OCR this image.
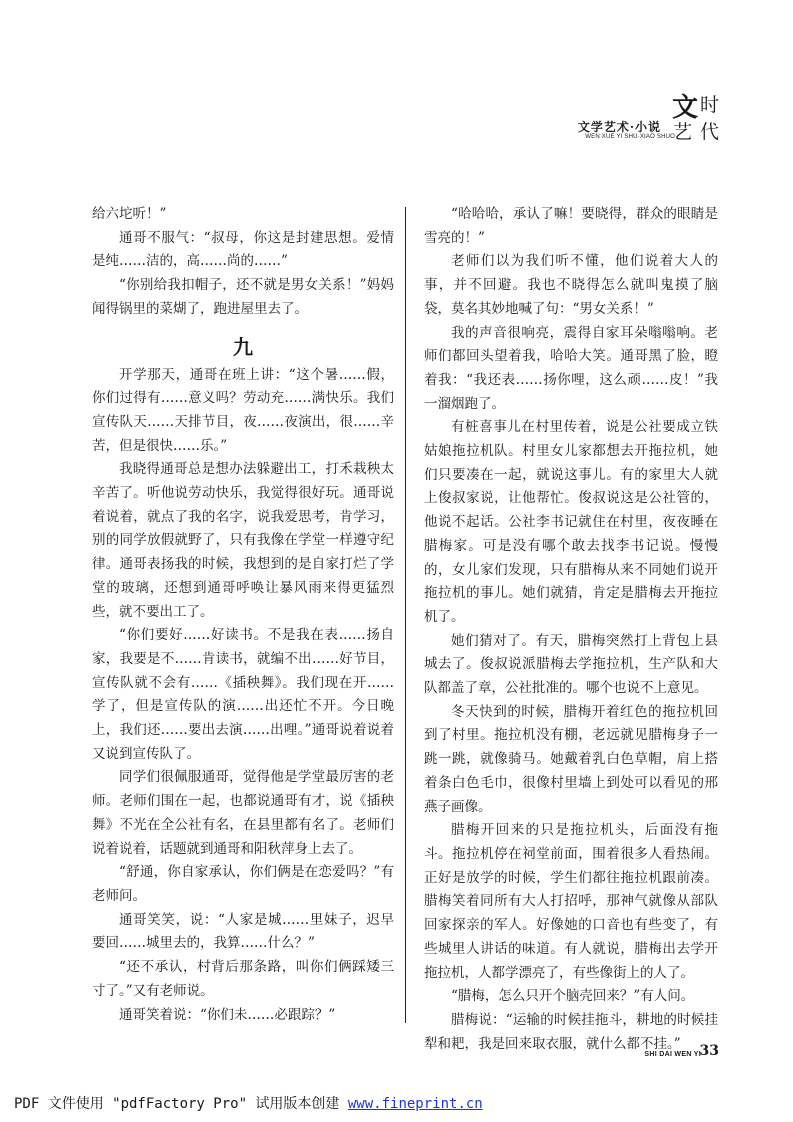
文学艺术·小说
WEN XUE YI SHU·XIAO SHUO
文 时
艺 代

给六坨听！”

通哥不服气：“叔母，你这是封建思想。爱情是纯……洁的，高……尚的……”

“你别给我扣帽子，还不就是男女关系！”妈妈闻得锅里的菜煳了，跑进屋里去了。

九

开学那天，通哥在班上讲：“这个暑……假，你们过得有……意义吗？劳动充……满快乐。我们宣传队天……天排节目，夜……夜演出，很……辛苦，但是很快……乐。”

我晓得通哥总是想办法躲避出工，打禾栽秧太辛苦了。听他说劳动快乐，我觉得很好玩。通哥说着说着，就点了我的名字，说我爱思考，肯学习，别的同学放假就野了，只有我像在学堂一样遵守纪律。通哥表扬我的时候，我想到的是自家打烂了学堂的玻璃，还想到通哥呼唤让暴风雨来得更猛烈些，就不要出工了。

“你们要好……好读书。不是我在表……扬自家，我要是不……肯读书，就编不出……好节目，宣传队就不会有……《插秧舞》。我们现在开……学了，但是宣传队的演……出还忙不开。今日晚上，我们还……要出去演……出哩。”通哥说着说着又说到宣传队了。

同学们很佩服通哥，觉得他是学堂最厉害的老师。老师们围在一起，也都说通哥有才，说《插秧舞》不光在全公社有名，在县里都有名了。老师们说着说着，话题就到通哥和阳秋萍身上去了。

“舒通，你自家承认，你们俩是在恋爱吗？”有老师问。

通哥笑笑，说：“人家是城……里妹子，迟早要回……城里去的，我算……什么？”

“还不承认，村背后那条路，叫你们俩踩矮三寸了。”又有老师说。

通哥笑着说：“你们未……必跟踪？”

“哈哈哈，承认了嘛！要晓得，群众的眼睛是雪亮的！”

老师们以为我们听不懂，他们说着大人的事，并不回避。我也不晓得怎么就叫鬼摸了脑袋，莫名其妙地喊了句：“男女关系！”

我的声音很响亮，震得自家耳朵嗡嗡响。老师们都回头望着我，哈哈大笑。通哥黑了脸，瞪着我：“我还表……扬你哩，这么顽……皮！”我一溜烟跑了。

有桩喜事儿在村里传着，说是公社要成立铁姑娘拖拉机队。村里女儿家都想去开拖拉机，她们只要凑在一起，就说这事儿。有的家里大人就上俊叔家说，让他帮忙。俊叔说这是公社管的，他说不起话。公社李书记就住在村里，夜夜睡在腊梅家。可是没有哪个敢去找李书记说。慢慢的，女儿家们发现，只有腊梅从来不同她们说开拖拉机的事儿。她们就猜，肯定是腊梅去开拖拉机了。

她们猜对了。有天，腊梅突然打上背包上县城去了。俊叔说派腊梅去学拖拉机，生产队和大队都盖了章，公社批准的。哪个也说不上意见。

冬天快到的时候，腊梅开着红色的拖拉机回到了村里。拖拉机没有棚，老远就见腊梅身子一跳一跳，就像骑马。她戴着乳白色草帽，肩上搭着条白色毛巾，很像村里墙上到处可以看见的邢燕子画像。

腊梅开回来的只是拖拉机头，后面没有拖斗。拖拉机停在祠堂前面，围着很多人看热闹。正好是放学的时候，学生们都往拖拉机跟前凑。腊梅笑着同所有大人打招呼，那神气就像从部队回家探亲的军人。好像她的口音也有些变了，有些城里人讲话的味道。有人就说，腊梅出去学开拖拉机，人都学漂亮了，有些像街上的人了。

“腊梅，怎么只开个脑壳回来？”有人问。

腊梅说：“运输的时候挂拖斗，耕地的时候挂犁和耙，我是回来取衣服，就什么都不挂。”

SHI DAI WEN YI
33
PDF 文件使用 "pdfFactory Pro" 试用版本创建 www.fineprint.cn
